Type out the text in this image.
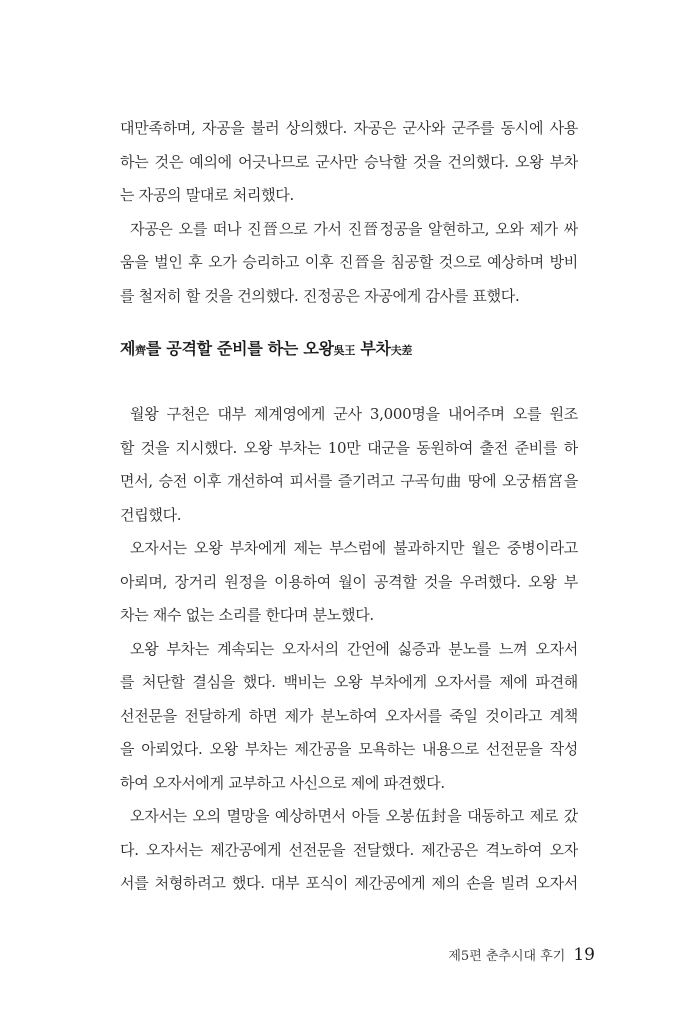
대만족하며, 자공을 불러 상의했다. 자공은 군사와 군주를 동시에 사용
하는 것은 예의에 어긋나므로 군사만 승낙할 것을 건의했다. 오왕 부차
는 자공의 말대로 처리했다.
자공은 오를 떠나 진晉으로 가서 진晉정공을 알현하고, 오와 제가 싸
움을 벌인 후 오가 승리하고 이후 진晉을 침공할 것으로 예상하며 방비
를 철저히 할 것을 건의했다. 진정공은 자공에게 감사를 표했다.
제齊를 공격할 준비를 하는 오왕吳王 부차夫差
월왕 구천은 대부 제계영에게 군사 3,000명을 내어주며 오를 원조
할 것을 지시했다. 오왕 부차는 10만 대군을 동원하여 출전 준비를 하
면서, 승전 이후 개선하여 피서를 즐기려고 구곡句曲 땅에 오궁梧宮을
건립했다.
오자서는 오왕 부차에게 제는 부스럼에 불과하지만 월은 중병이라고
아뢰며, 장거리 원정을 이용하여 월이 공격할 것을 우려했다. 오왕 부
차는 재수 없는 소리를 한다며 분노했다.
오왕 부차는 계속되는 오자서의 간언에 싫증과 분노를 느껴 오자서
를 처단할 결심을 했다. 백비는 오왕 부차에게 오자서를 제에 파견해
선전문을 전달하게 하면 제가 분노하여 오자서를 죽일 것이라고 계책
을 아뢰었다. 오왕 부차는 제간공을 모욕하는 내용으로 선전문을 작성
하여 오자서에게 교부하고 사신으로 제에 파견했다.
오자서는 오의 멸망을 예상하면서 아들 오봉伍封을 대동하고 제로 갔
다. 오자서는 제간공에게 선전문을 전달했다. 제간공은 격노하여 오자
서를 처형하려고 했다. 대부 포식이 제간공에게 제의 손을 빌려 오자서
제5편 춘추시대 후기 19
